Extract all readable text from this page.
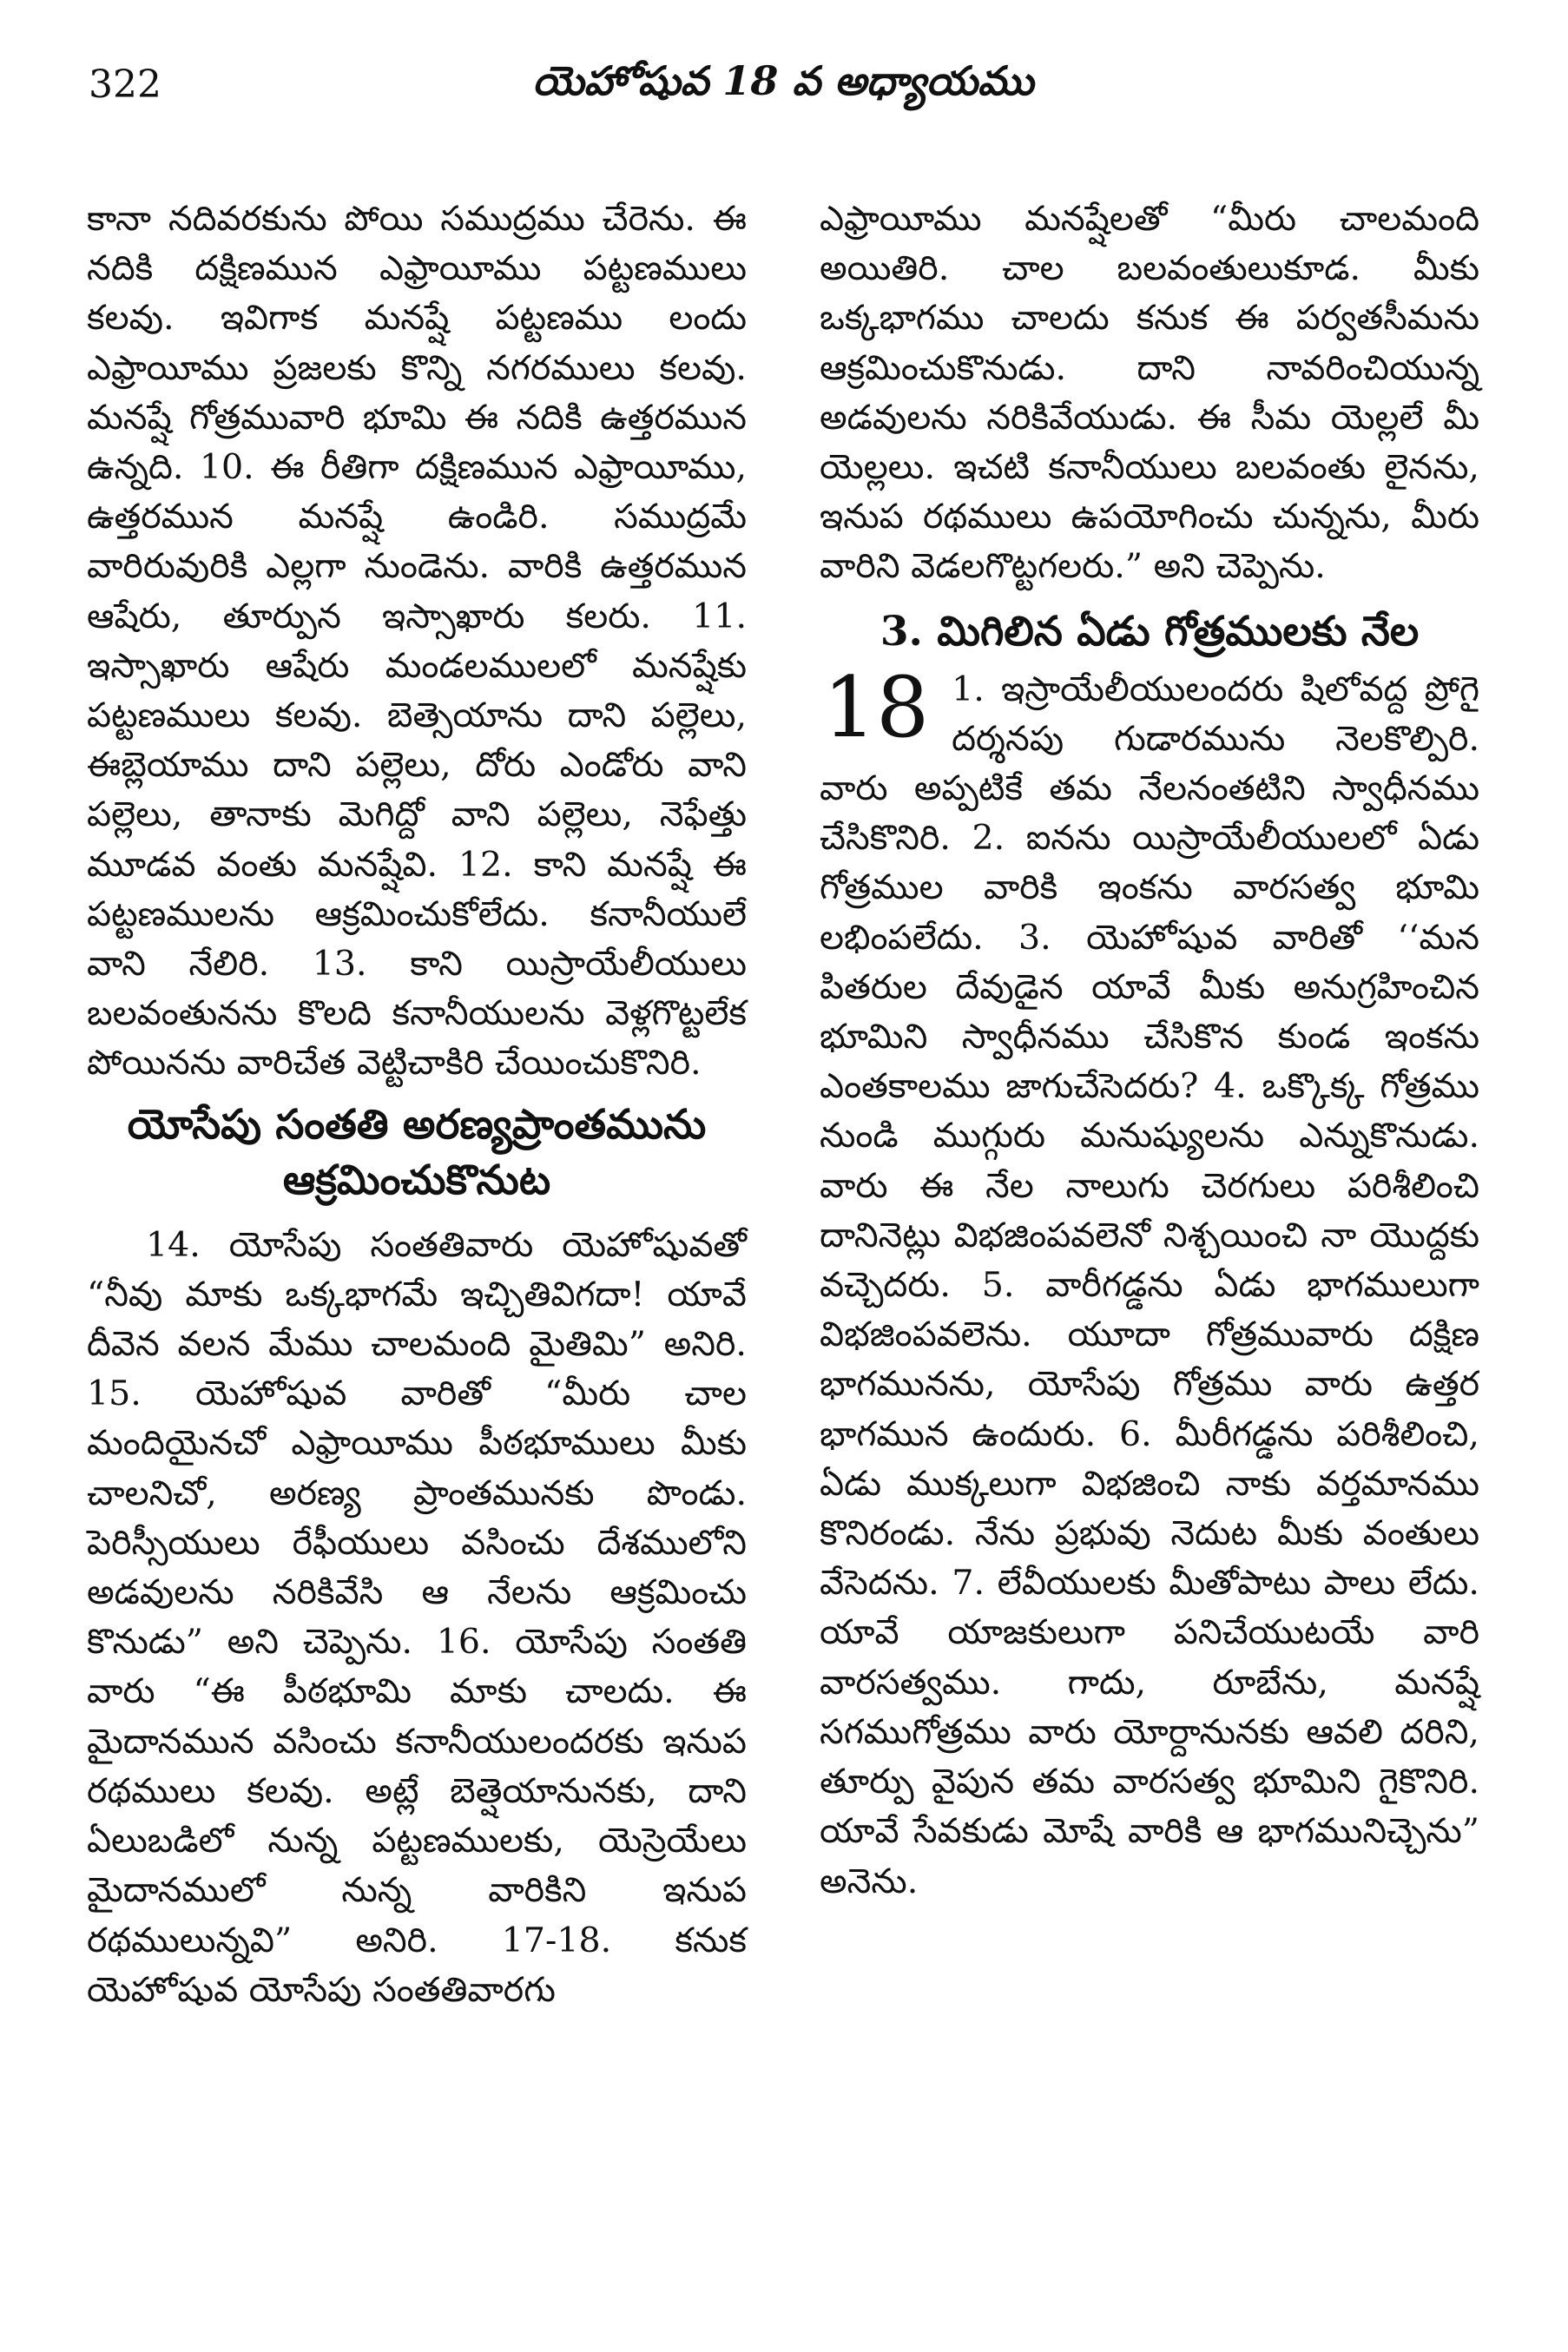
322	యెహోషువ 18 వ అధ్యాయము

కానా నదివరకును పోయి సముద్రము చేరెను. ఈ నదికి దక్షిణమున ఎఫ్రాయీము పట్టణములు కలవు. ఇవిగాక మనష్షే పట్టణము లందు ఎఫ్రాయీము ప్రజలకు కొన్ని నగరములు కలవు. మనష్షే గోత్రమువారి భూమి ఈ నదికి ఉత్తరమున ఉన్నది. 10. ఈ రీతిగా దక్షిణమున ఎఫ్రాయీము, ఉత్తరమున మనష్షే ఉండిరి. సముద్రమే వారిరువురికి ఎల్లగా నుండెను. వారికి ఉత్తరమున ఆషేరు, తూర్పున ఇస్సాఖారు కలరు. 11. ఇస్సాఖారు ఆషేరు మండలములలో మనష్షేకు పట్టణములు కలవు. బెత్సెయాను దాని పల్లెలు, ఈబ్లెయాము దాని పల్లెలు, దోరు ఎండోరు వాని పల్లెలు, తానాకు మెగిద్దో వాని పల్లెలు, నెఫేత్తు మూడవ వంతు మనష్షేవి. 12. కాని మనష్షే ఈ పట్టణములను ఆక్రమించుకోలేదు. కనానీయులే వాని నేలిరి. 13. కాని యిస్రాయేలీయులు బలవంతునను కొలది కనానీయులను వెళ్లగొట్టలేక పోయినను వారిచేత వెట్టిచాకిరి చేయించుకొనిరి.

యోసేపు సంతతి అరణ్యప్రాంతమును ఆక్రమించుకొనుట

14. యోసేపు సంతతివారు యెహోషువతో “నీవు మాకు ఒక్కభాగమే ఇచ్చితివిగదా! యావే దీవెన వలన మేము చాలమంది మైతిమి” అనిరి. 15. యెహోషువ వారితో “మీరు చాల మందియైనచో ఎఫ్రాయీము పీఠభూములు మీకు చాలనిచో, అరణ్య ప్రాంతమునకు పొండు. పెరిస్సీయులు రేఫీయులు వసించు దేశములోని అడవులను నరికివేసి ఆ నేలను ఆక్రమించు కొనుడు” అని చెప్పెను. 16. యోసేపు సంతతి వారు “ఈ పీఠభూమి మాకు చాలదు. ఈ మైదానమున వసించు కనానీయులందరకు ఇనుప రథములు కలవు. అట్లే బెత్షెయానునకు, దాని ఏలుబడిలో నున్న పట్టణములకు, యెస్రెయేలు మైదానములో నున్న వారికిని ఇనుప రథములున్నవి” అనిరి. 17-18. కనుక యెహోషువ యోసేపు సంతతివారగు

ఎఫ్రాయీము మనష్షేలతో “మీరు చాలమంది అయితిరి. చాల బలవంతులుకూడ. మీకు ఒక్కభాగము చాలదు కనుక ఈ పర్వతసీమను ఆక్రమించుకొనుడు. దాని నావరించియున్న అడవులను నరికివేయుడు. ఈ సీమ యెల్లలే మీ యెల్లలు. ఇచటి కనానీయులు బలవంతు లైనను, ఇనుప రథములు ఉపయోగించు చున్నను, మీరు వారిని వెడలగొట్టగలరు.” అని చెప్పెను.

3. మిగిలిన ఏడు గోత్రములకు నేల
18 1. ఇస్రాయేలీయులందరు షిలోవద్ద ప్రోగై దర్శనపు గుడారమును నెలకొల్పిరి. వారు అప్పటికే తమ నేలనంతటిని స్వాధీనము చేసికొనిరి. 2. ఐనను యిస్రాయేలీయులలో ఏడు గోత్రముల వారికి ఇంకను వారసత్వ భూమి లభింపలేదు. 3. యెహోషువ వారితో ‘‘మన పితరుల దేవుడైన యావే మీకు అనుగ్రహించిన భూమిని స్వాధీనము చేసికొన కుండ ఇంకను ఎంతకాలము జాగుచేసెదరు? 4. ఒక్కొక్క గోత్రము నుండి ముగ్గురు మనుష్యులను ఎన్నుకొనుడు. వారు ఈ నేల నాలుగు చెరగులు పరిశీలించి దానినెట్లు విభజింపవలెనో నిశ్చయించి నా యొద్దకు వచ్చెదరు. 5. వారీగడ్డను ఏడు భాగములుగా విభజింపవలెను. యూదా గోత్రమువారు దక్షిణ భాగమునను, యోసేపు గోత్రము వారు ఉత్తర భాగమున ఉందురు. 6. మీరీగడ్డను పరిశీలించి, ఏడు ముక్కలుగా విభజించి నాకు వర్తమానము కొనిరండు. నేను ప్రభువు నెదుట మీకు వంతులు వేసెదను. 7. లేవీయులకు మీతోపాటు పాలు లేదు. యావే యాజకులుగా పనిచేయుటయే వారి వారసత్వము. గాదు, రూబేను, మనష్షే సగముగోత్రము వారు యోర్దానునకు ఆవలి దరిని, తూర్పు వైపున తమ వారసత్వ భూమిని గైకొనిరి. యావే సేవకుడు మోషే వారికి ఆ భాగమునిచ్చెను” అనెను.
